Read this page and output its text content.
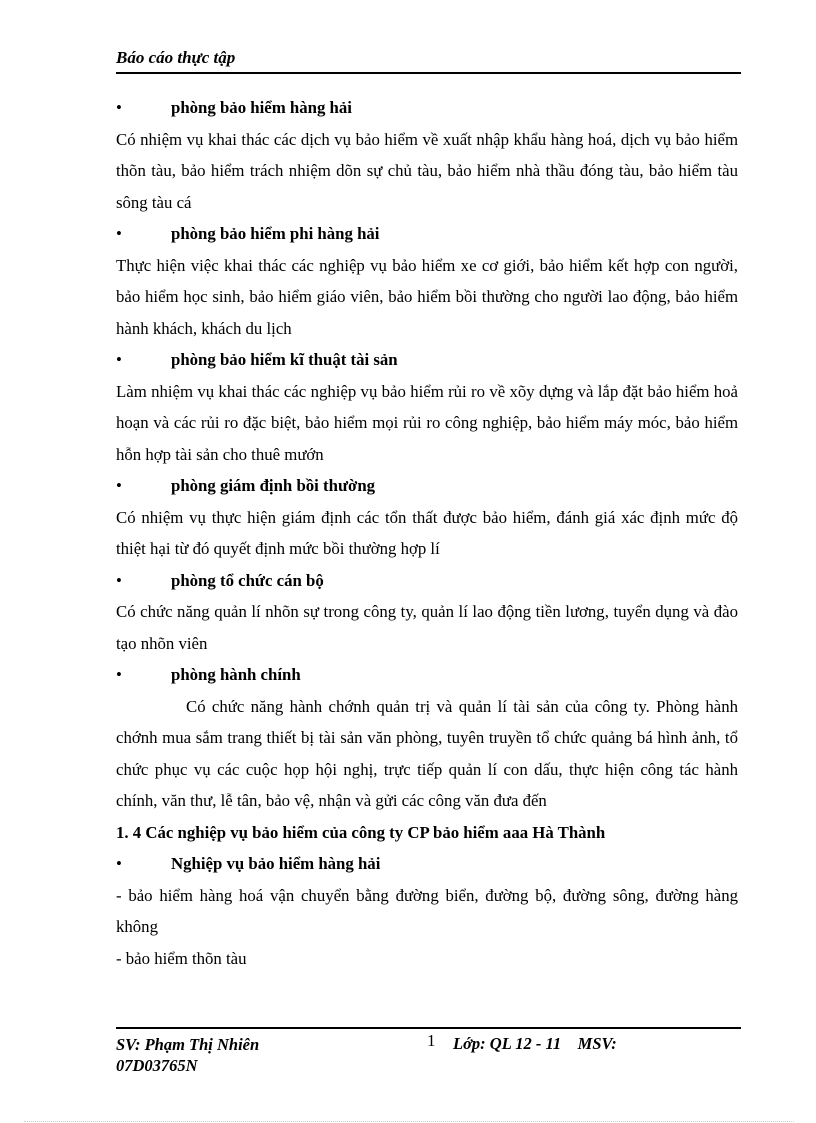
Báo cáo thực tập
•	phòng bảo hiểm hàng hải

Có nhiệm vụ khai thác các dịch vụ bảo hiểm về xuất nhập khẩu hàng hoá, dịch vụ bảo hiểm thõn tàu, bảo hiểm trách nhiệm dõn sự chủ tàu, bảo hiểm nhà thầu đóng tàu, bảo hiểm tàu sông tàu cá

•	phòng bảo hiểm phi hàng hải

Thực hiện việc khai thác các nghiệp vụ bảo hiểm xe cơ giới, bảo hiểm kết hợp con người, bảo hiểm học sinh, bảo hiểm giáo viên, bảo hiểm bồi thường cho người lao động, bảo hiểm hành khách, khách du lịch

•	phòng bảo hiểm kĩ thuật tài sản

Làm nhiệm vụ khai thác các nghiệp vụ bảo hiểm rủi ro về xõy dựng và lắp đặt bảo hiểm hoả hoạn và các rủi ro đặc biệt, bảo hiểm mọi rủi ro công nghiệp, bảo hiểm máy móc, bảo hiểm hỗn hợp tài sản cho thuê mướn

•	phòng giám định bồi thường

Có nhiệm vụ thực hiện giám định các tổn thất được bảo hiểm, đánh giá xác định mức độ thiệt hại từ đó quyết định mức bồi thường hợp lí

•	phòng tổ chức cán bộ

Có chức năng quản lí nhõn sự trong công ty, quản lí lao động tiền lương, tuyển dụng và đào tạo nhõn viên

•	phòng hành chính

Có chức năng hành chớnh quản trị và quản lí tài sản của công ty. Phòng hành chớnh mua sắm trang thiết bị tài sản văn phòng, tuyên truyền tổ chức quảng bá hình ảnh, tổ chức phục vụ các cuộc họp hội nghị, trực tiếp quản lí con dấu, thực hiện công tác hành chính, văn thư, lễ tân, bảo vệ, nhận và gửi các công văn đưa đến

1. 4 Các nghiệp vụ bảo hiểm của công ty CP bảo hiểm aaa Hà Thành

•	Nghiệp vụ bảo hiểm hàng hải

- bảo hiểm hàng hoá vận chuyển bằng đường biển, đường bộ, đường sông, đường hàng không

- bảo hiểm thõn tàu

SV: Phạm Thị Nhiên 07D03765N
1 Lớp: QL 12 - 11    MSV:
